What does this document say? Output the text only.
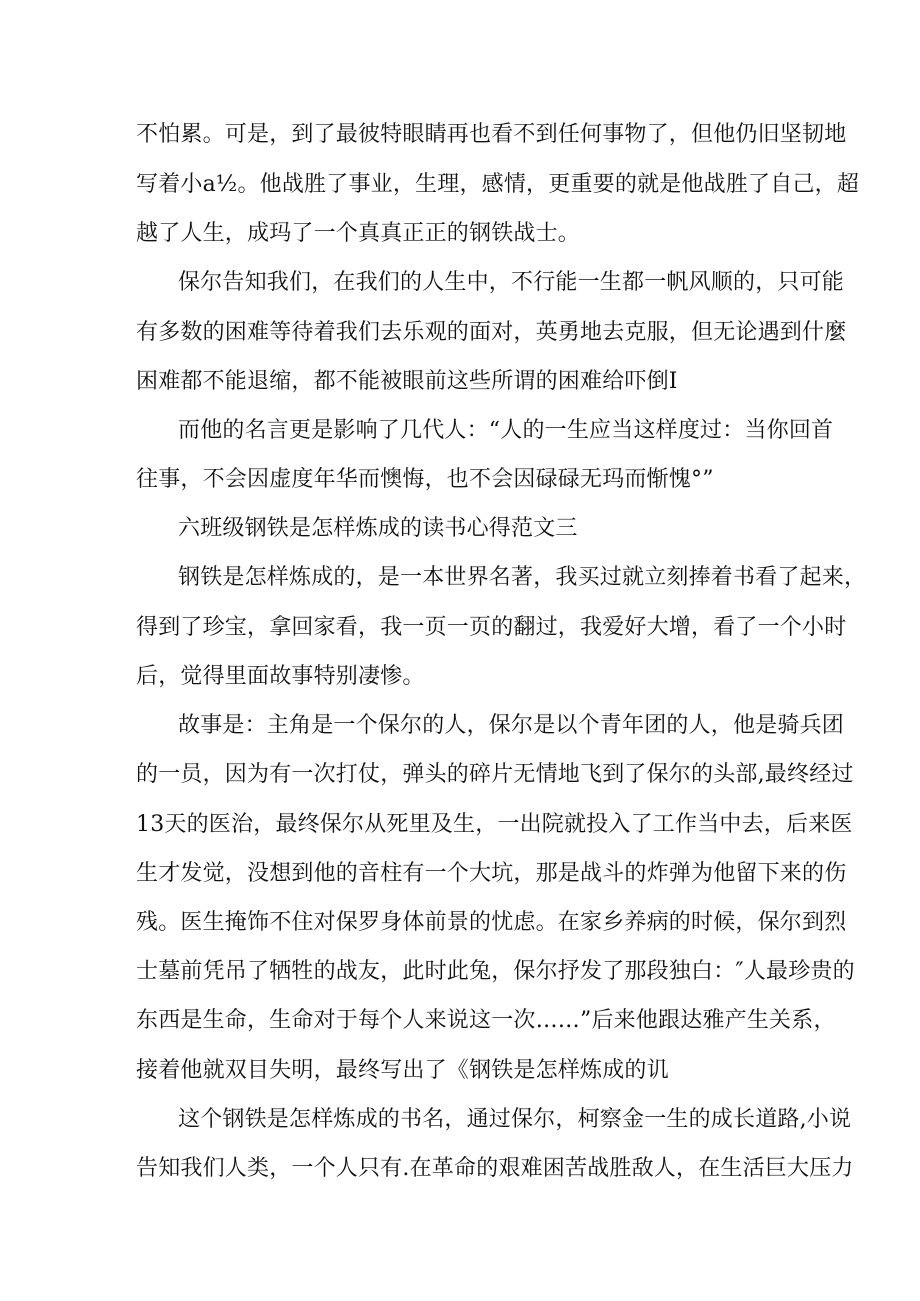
不怕累。可是，到了最彼特眼睛再也看不到任何事物了，但他仍旧坚韧地
写着小a½。他战胜了事业，生理，感情，更重要的就是他战胜了自己，超
越了人生，成玛了一个真真正正的钢铁战士。
保尔告知我们，在我们的人生中，不行能一生都一帆风顺的，只可能
有多数的困难等待着我们去乐观的面对，英勇地去克服，但无论遇到什麼
困难都不能退缩，都不能被眼前这些所谓的困难给吓倒I
而他的名言更是影响了几代人：“人的一生应当这样度过：当你回首
往事，不会因虚度年华而懊悔，也不会因碌碌无玛而惭愧°”
六班级钢铁是怎样炼成的读书心得范文三
钢铁是怎样炼成的，是一本世界名著，我买过就立刻捧着书看了起来，
得到了珍宝，拿回家看，我一页一页的翻过，我爱好大增，看了一个小时
后，觉得里面故事特别凄惨。
故事是：主角是一个保尔的人，保尔是以个青年团的人，他是骑兵团
的一员，因为有一次打仗，弹头的碎片无情地飞到了保尔的头部,最终经过
13天的医治，最终保尔从死里及生，一出院就投入了工作当中去，后来医
生才发觉，没想到他的音柱有一个大坑，那是战斗的炸弹为他留下来的伤
残。医生掩饰不住对保罗身体前景的忧虑。在家乡养病的时候，保尔到烈
士墓前凭吊了牺牲的战友，此时此兔，保尔抒发了那段独白：″人最珍贵的
东西是生命，生命对于每个人来说这一次……”后来他跟达雅产生关系，
接着他就双目失明，最终写出了《钢铁是怎样炼成的讥
这个钢铁是怎样炼成的书名，通过保尔，柯察金一生的成长道路,小说
告知我们人类，一个人只有.在革命的艰难困苦战胜敌人，在生活巨大压力
